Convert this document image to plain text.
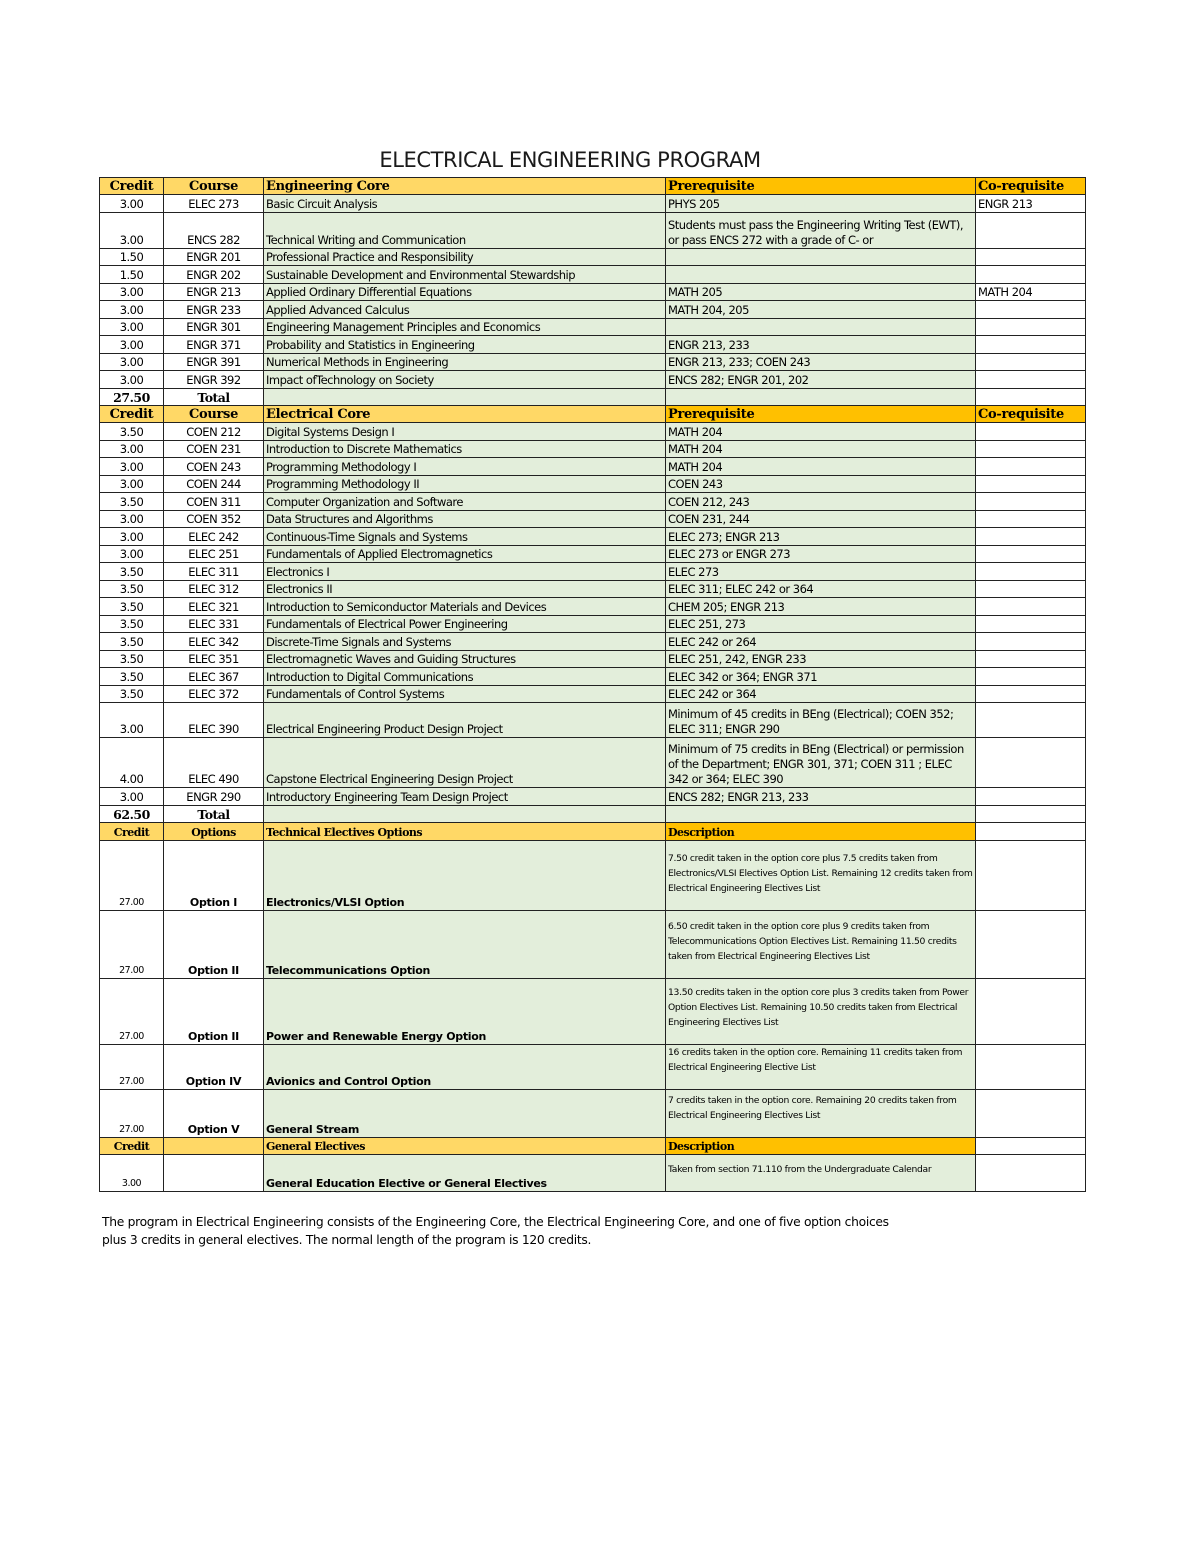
ELECTRICAL ENGINEERING PROGRAM
Credit	Course	Engineering Core	Prerequisite	Co-requisite
3.00	ELEC 273	Basic Circuit Analysis	PHYS 205	ENGR 213
3.00	ENCS 282	Technical Writing and Communication	Students must pass the Engineering Writing Test (EWT), or pass ENCS 272 with a grade of C- or	
1.50	ENGR 201	Professional Practice and Responsibility		
1.50	ENGR 202	Sustainable Development and Environmental Stewardship		
3.00	ENGR 213	Applied Ordinary Differential Equations	MATH 205	MATH 204
3.00	ENGR 233	Applied Advanced Calculus	MATH 204, 205	
3.00	ENGR 301	Engineering Management Principles and Economics		
3.00	ENGR 371	Probability and Statistics in Engineering	ENGR 213, 233	
3.00	ENGR 391	Numerical Methods in Engineering	ENGR 213, 233; COEN 243	
3.00	ENGR 392	Impact ofTechnology on Society	ENCS 282; ENGR 201, 202	
27.50	Total			
Credit	Course	Electrical Core	Prerequisite	Co-requisite
3.50	COEN 212	Digital Systems Design I	MATH 204	
3.00	COEN 231	Introduction to Discrete Mathematics	MATH 204	
3.00	COEN 243	Programming Methodology I	MATH 204	
3.00	COEN 244	Programming Methodology II	COEN 243	
3.50	COEN 311	Computer Organization and Software	COEN 212, 243	
3.00	COEN 352	Data Structures and Algorithms	COEN 231, 244	
3.00	ELEC 242	Continuous-Time Signals and Systems	ELEC 273; ENGR 213	
3.00	ELEC 251	Fundamentals of Applied Electromagnetics	ELEC 273 or ENGR 273	
3.50	ELEC 311	Electronics I	ELEC 273	
3.50	ELEC 312	Electronics II	ELEC 311; ELEC 242 or 364	
3.50	ELEC 321	Introduction to Semiconductor Materials and Devices	CHEM 205; ENGR 213	
3.50	ELEC 331	Fundamentals of Electrical Power Engineering	ELEC 251, 273	
3.50	ELEC 342	Discrete-Time Signals and Systems	ELEC 242 or 264	
3.50	ELEC 351	Electromagnetic Waves and Guiding Structures	ELEC 251, 242, ENGR 233	
3.50	ELEC 367	Introduction to Digital Communications	ELEC 342 or 364; ENGR 371	
3.50	ELEC 372	Fundamentals of Control Systems	ELEC 242 or 364	
3.00	ELEC 390	Electrical Engineering Product Design Project	Minimum of 45 credits in BEng (Electrical); COEN 352; ELEC 311; ENGR 290	
4.00	ELEC 490	Capstone Electrical Engineering Design Project	Minimum of 75 credits in BEng (Electrical) or permission of the Department; ENGR 301, 371; COEN 311 ; ELEC 342 or 364; ELEC 390	
3.00	ENGR 290	Introductory Engineering Team Design Project	ENCS 282; ENGR 213, 233	
62.50	Total			
Credit	Options	Technical Electives Options	Description	
27.00	Option I	Electronics/VLSI Option	7.50 credit taken in the option core plus 7.5 credits taken from Electronics/VLSI Electives Option List. Remaining 12 credits taken from Electrical Engineering Electives List	
27.00	Option II	Telecommunications Option	6.50 credit taken in the option core plus 9 credits taken from Telecommunications Option Electives List. Remaining 11.50 credits taken from Electrical Engineering Electives List	
27.00	Option II	Power and Renewable Energy Option	13.50 credits taken in the option core plus 3 credits taken from Power Option Electives List. Remaining 10.50 credits taken from Electrical Engineering Electives List	
27.00	Option IV	Avionics and Control Option	16 credits taken in the option core. Remaining 11 credits taken from Electrical Engineering Elective List	
27.00	Option V	General Stream	7 credits taken in the option core. Remaining 20 credits taken from Electrical Engineering Electives List	
Credit		General Electives	Description	
3.00		General Education Elective or General Electives	Taken from section 71.110 from the Undergraduate Calendar	
The program in Electrical Engineering consists of the Engineering Core, the Electrical Engineering Core, and one of five option choices
plus 3 credits in general electives. The normal length of the program is 120 credits.
